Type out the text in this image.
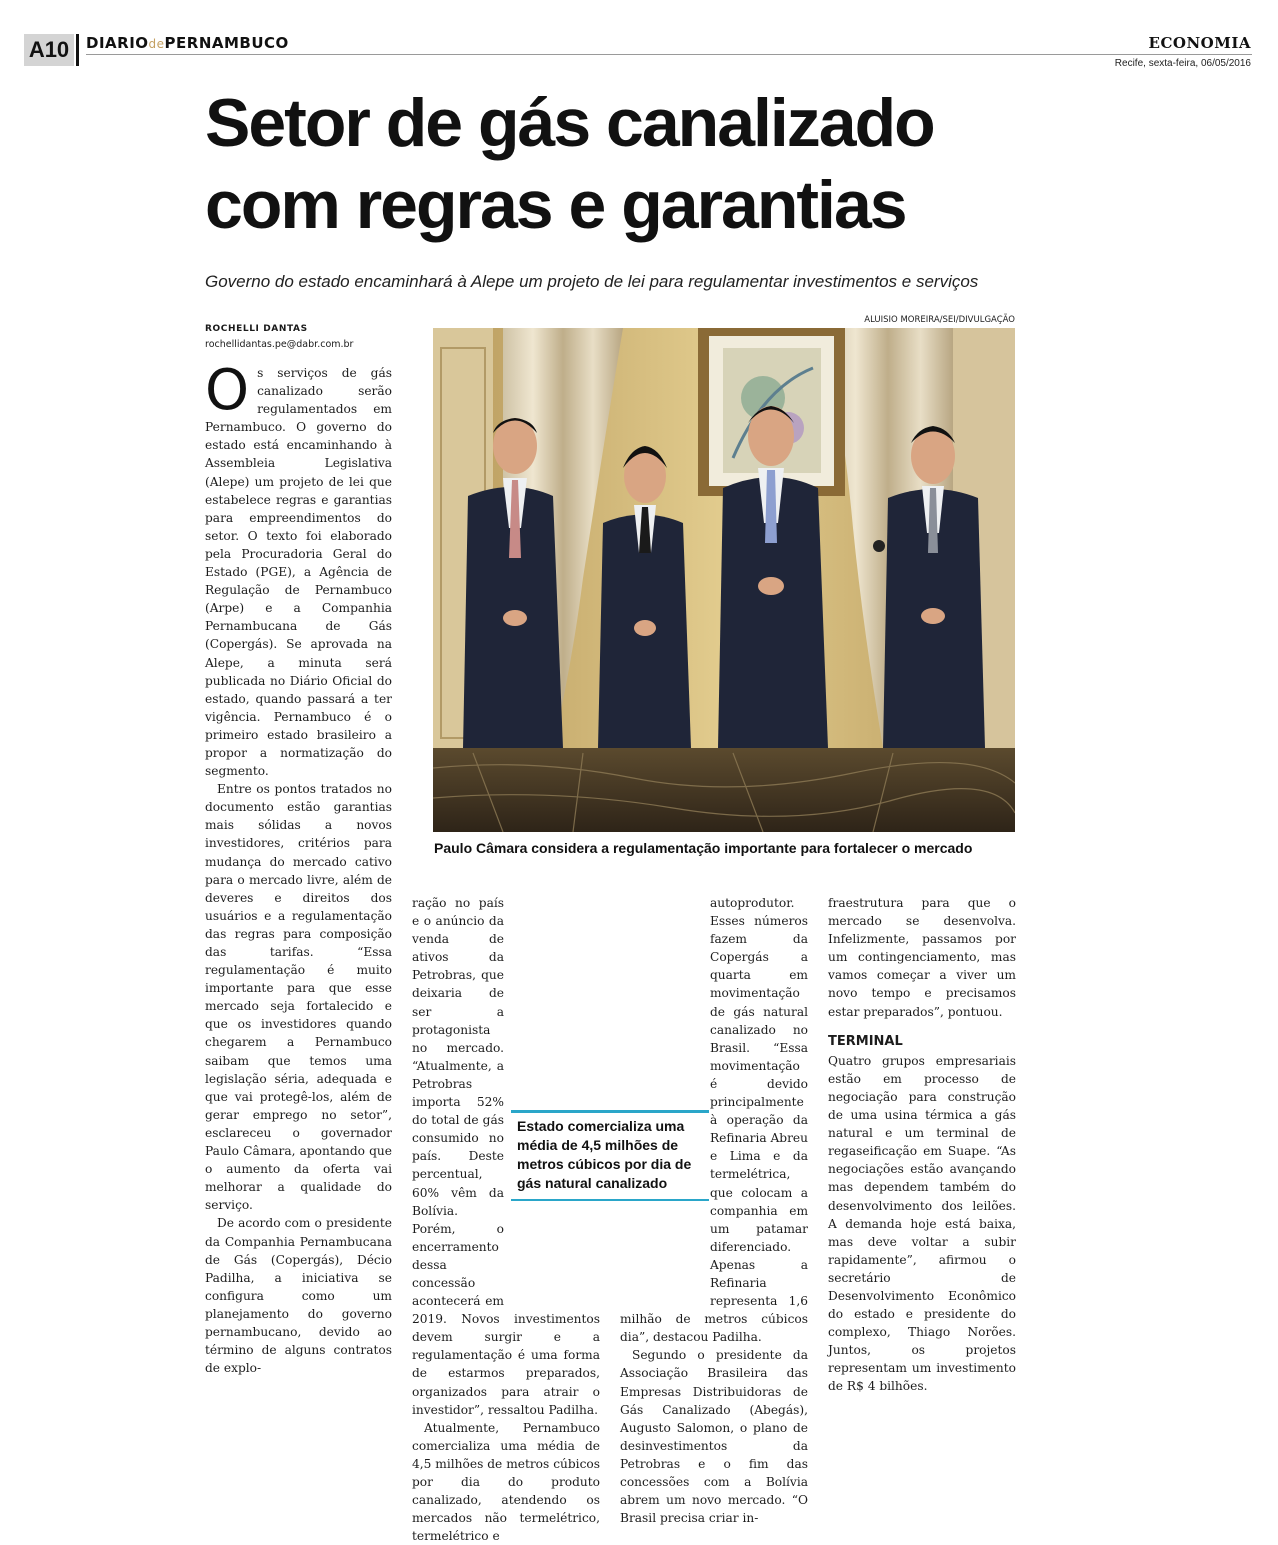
A10	DIARIOdePERNAMBUCO	ECONOMIA
Recife, sexta-feira, 06/05/2016
Setor de gás canalizado com regras e garantias
Governo do estado encaminhará à Alepe um projeto de lei para regulamentar investimentos e serviços
ROCHELLI DANTAS
rochellidantas.pe@dabr.com.br
ALUISIO MOREIRA/SEI/DIVULGAÇÃO
Paulo Câmara considera a regulamentação importante para fortalecer o mercado
O s serviços de gás canalizado serão regulamentados em Pernambuco. O governo do estado está encaminhando à Assembleia Legislativa (Alepe) um projeto de lei que estabelece regras e garantias para empreendimentos do setor. O texto foi elaborado pela Procuradoria Geral do Estado (PGE), a Agência de Regulação de Pernambuco (Arpe) e a Companhia Pernambucana de Gás (Copergás). Se aprovada na Alepe, a minuta será publicada no Diário Oficial do estado, quando passará a ter vigência. Pernambuco é o primeiro estado brasileiro a propor a normatização do segmento.

Entre os pontos tratados no documento estão garantias mais sólidas a novos investidores, critérios para mudança do mercado cativo para o mercado livre, além de deveres e direitos dos usuários e a regulamentação das regras para composição das tarifas. “Essa regulamentação é muito importante para que esse mercado seja fortalecido e que os investidores quando chegarem a Pernambuco saibam que temos uma legislação séria, adequada e que vai protegê-los, além de gerar emprego no setor”, esclareceu o governador Paulo Câmara, apontando que o aumento da oferta vai melhorar a qualidade do serviço.

De acordo com o presidente da Companhia Pernambucana de Gás (Copergás), Décio Padilha, a iniciativa se configura como um planejamento do governo pernambucano, devido ao término de alguns contratos de explo-

ração no país e o anúncio da venda de ativos da Petrobras, que deixaria de ser a protagonista no mercado. “Atualmente, a Petrobras importa 52% do total de gás consumido no país. Deste percentual, 60% vêm da Bolívia. Porém, o encerramento dessa concessão acontecerá em 2019. Novos investimentos devem surgir e a regulamentação é uma forma de estarmos preparados, organizados para atrair o investidor”, ressaltou Padilha.

Atualmente, Pernambuco comercializa uma média de 4,5 milhões de metros cúbicos por dia do produto canalizado, atendendo os mercados não termelétrico, termelétrico e

autoprodutor. Esses números fazem da Copergás a quarta em movimentação de gás natural canalizado no Brasil. “Essa movimentação é devido principalmente à operação da Refinaria Abreu e Lima e da termelétrica, que colocam a companhia em um patamar diferenciado. Apenas a Refinaria representa 1,6 milhão de metros cúbicos dia”, destacou Padilha.

Segundo o presidente da Associação Brasileira das Empresas Distribuidoras de Gás Canalizado (Abegás), Augusto Salomon, o plano de desinvestimentos da Petrobras e o fim das concessões com a Bolívia abrem um novo mercado. “O Brasil precisa criar in-

fraestrutura para que o mercado se desenvolva. Infelizmente, passamos por um contingenciamento, mas vamos começar a viver um novo tempo e precisamos estar preparados”, pontuou.

TERMINAL

Quatro grupos empresariais estão em processo de negociação para construção de uma usina térmica a gás natural e um terminal de regaseificação em Suape. “As negociações estão avançando mas dependem também do desenvolvimento dos leilões. A demanda hoje está baixa, mas deve voltar a subir rapidamente”, afirmou o secretário de Desenvolvimento Econômico do estado e presidente do complexo, Thiago Norões. Juntos, os projetos representam um investimento de R$ 4 bilhões.

Estado comercializa uma média de 4,5 milhões de metros cúbicos por dia de gás natural canalizado
